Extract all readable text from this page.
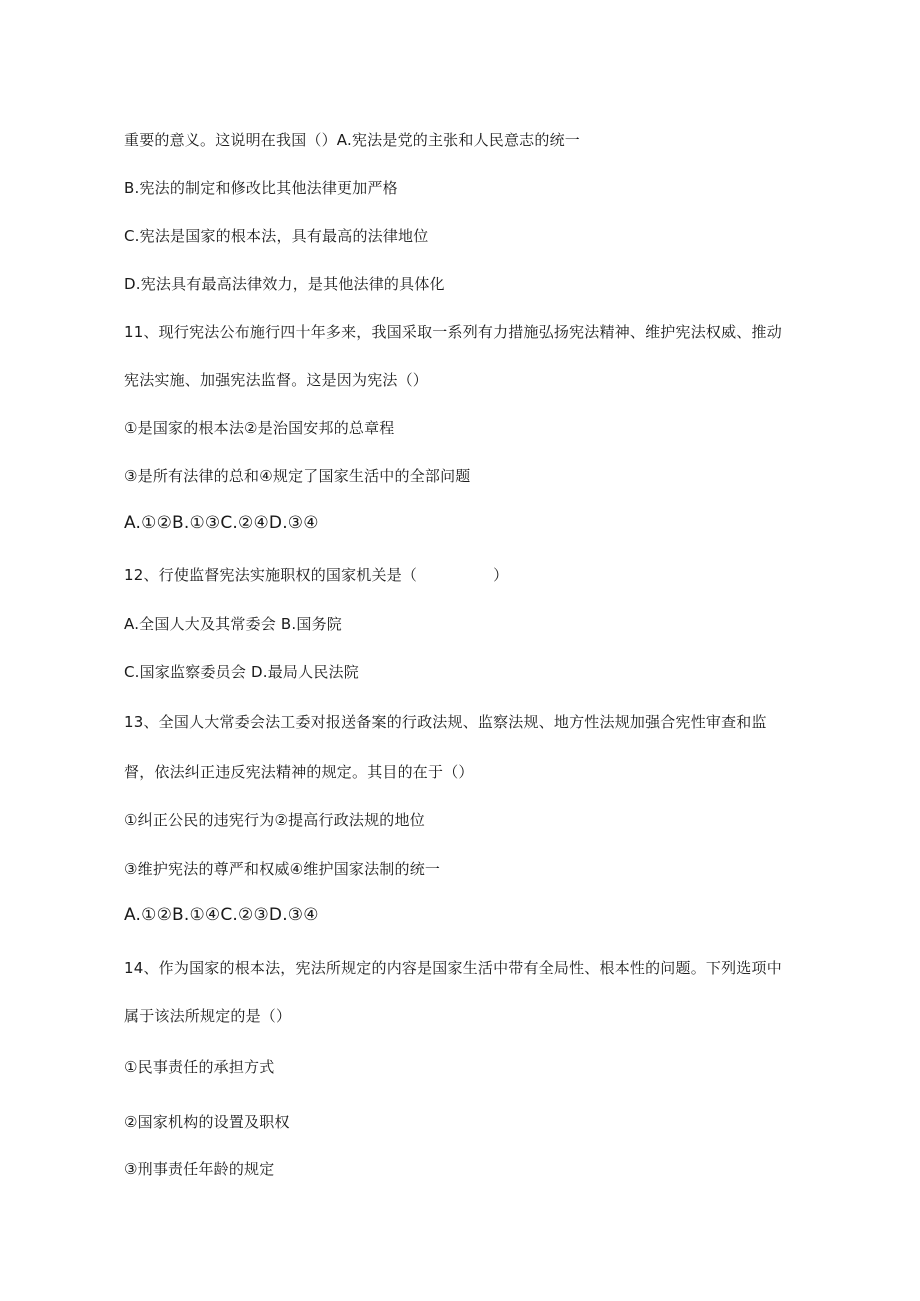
重要的意义。这说明在我国（）A.宪法是党的主张和人民意志的统一
B.宪法的制定和修改比其他法律更加严格
C.宪法是国家的根本法，具有最高的法律地位
D.宪法具有最高法律效力，是其他法律的具体化
11、现行宪法公布施行四十年多来，我国采取一系列有力措施弘扬宪法精神、维护宪法权威、推动
宪法实施、加强宪法监督。这是因为宪法（）
①是国家的根本法②是治国安邦的总章程
③是所有法律的总和④规定了国家生活中的全部问题
A.①②B.①③C.②④D.③④
12、行使监督宪法实施职权的国家机关是（　　　　　）
A.全国人大及其常委会 B.国务院
C.国家监察委员会 D.最局人民法院
13、全国人大常委会法工委对报送备案的行政法规、监察法规、地方性法规加强合宪性审查和监
督，依法纠正违反宪法精神的规定。其目的在于（）
①纠正公民的违宪行为②提高行政法规的地位
③维护宪法的尊严和权威④维护国家法制的统一
A.①②B.①④C.②③D.③④
14、作为国家的根本法，宪法所规定的内容是国家生活中带有全局性、根本性的问题。下列选项中
属于该法所规定的是（）
①民事责任的承担方式
②国家机构的设置及职权
③刑事责任年龄的规定
